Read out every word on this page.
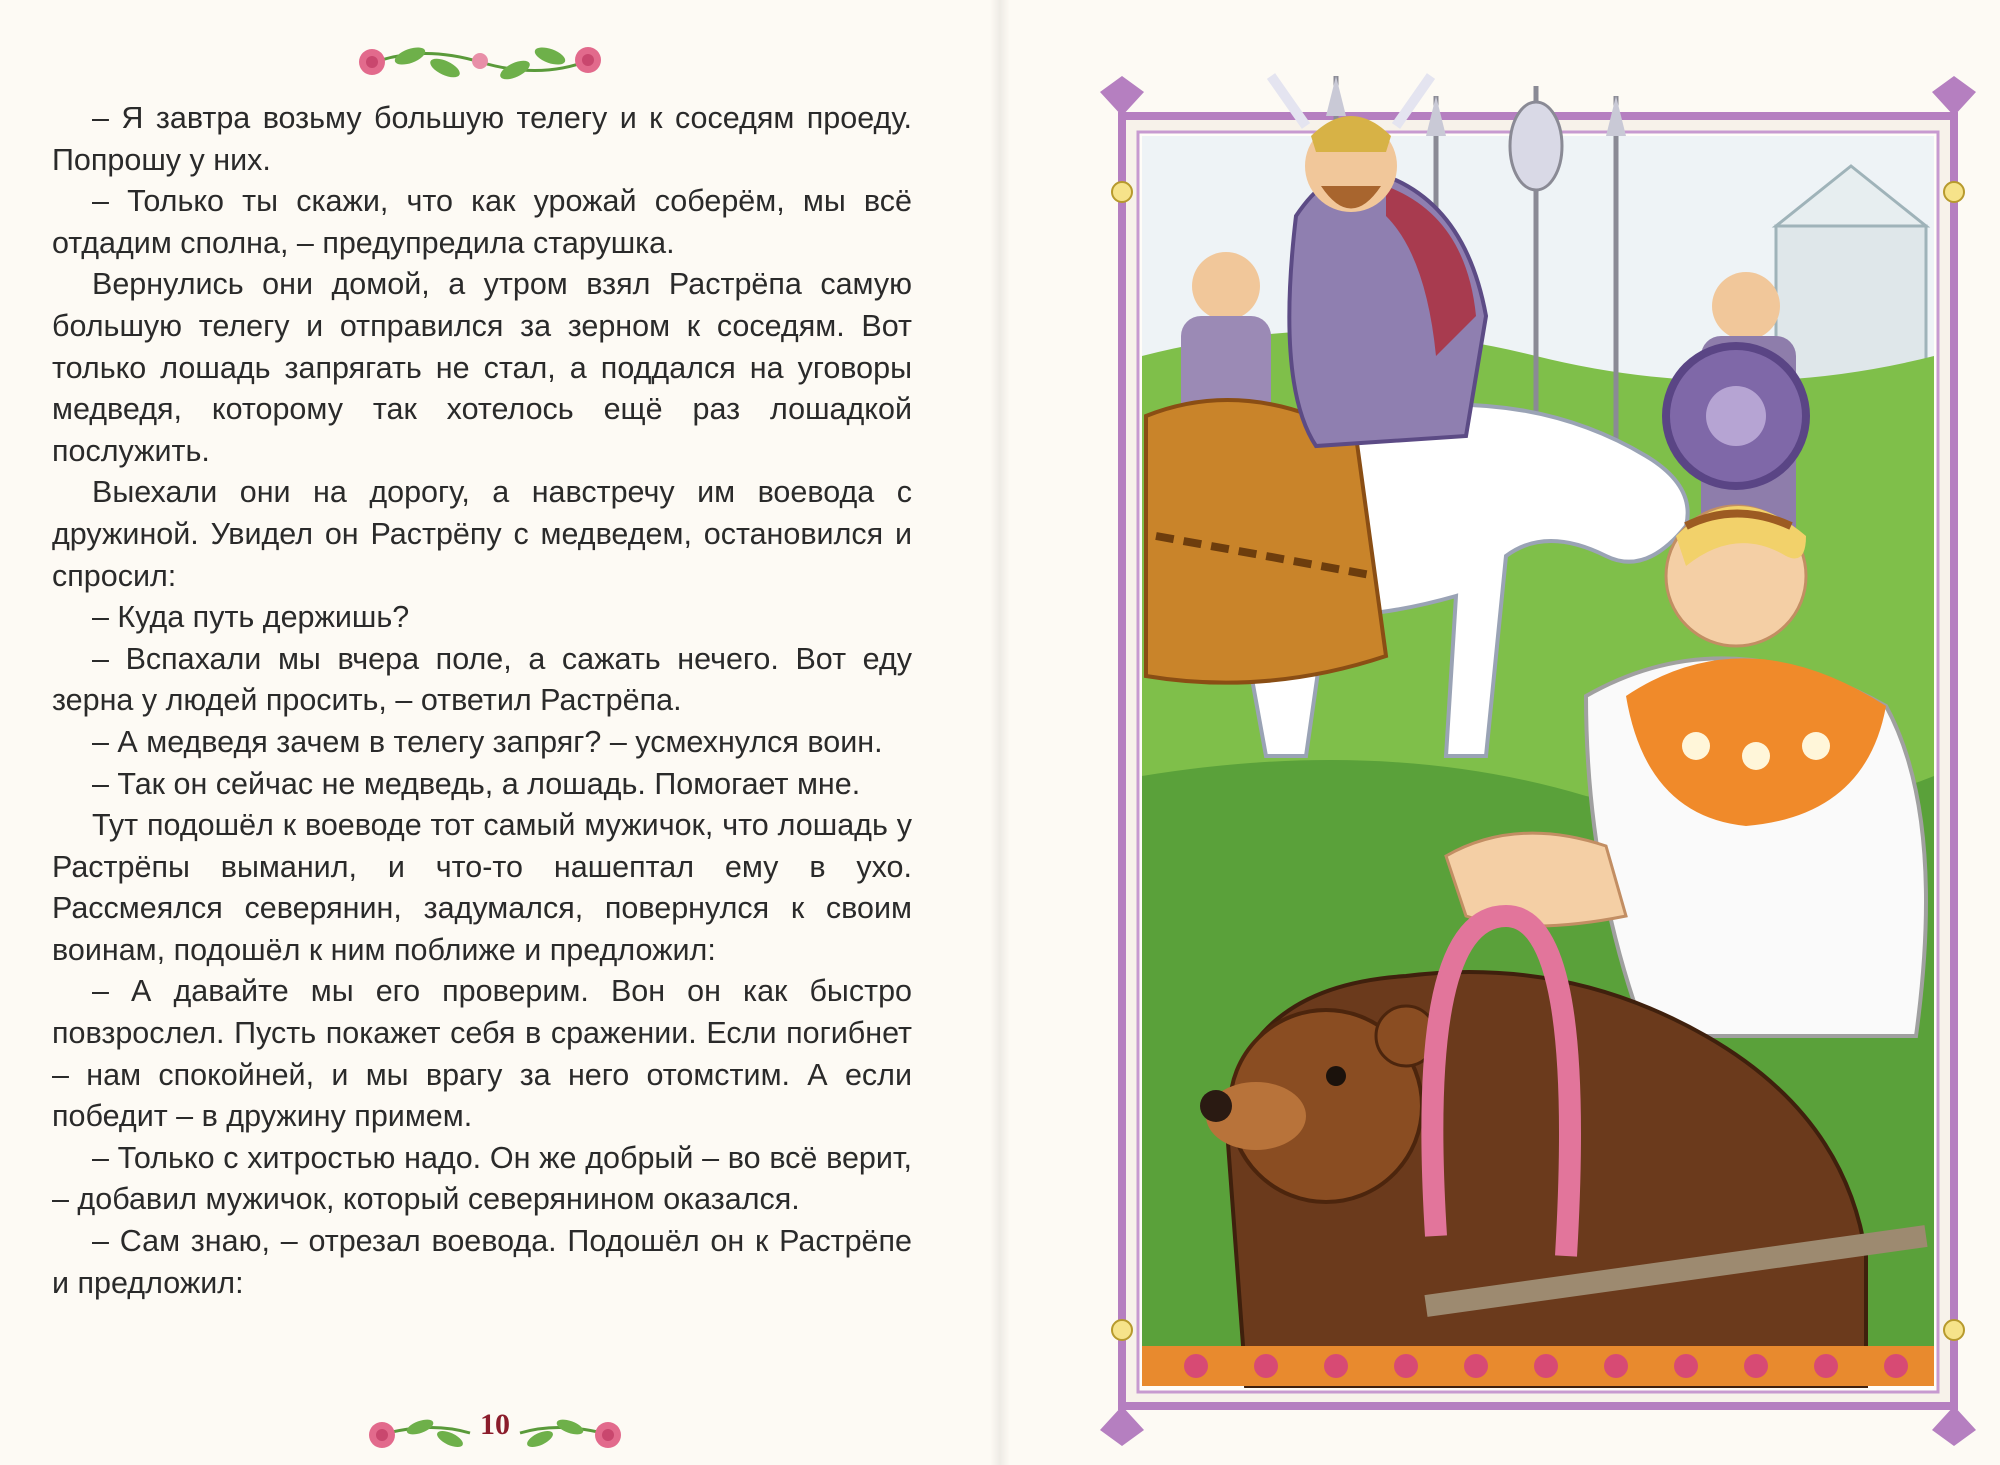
– Я завтра возьму большую телегу и к соседям проеду. Попрошу у них.

– Только ты скажи, что как урожай соберём, мы всё отдадим сполна, – предупредила старушка.

Вернулись они домой, а утром взял Растрёпа самую большую телегу и отправился за зерном к соседям. Вот только лошадь запрягать не стал, а поддался на уговоры медведя, которому так хотелось ещё раз лошадкой послужить.

Выехали они на дорогу, а навстречу им воевода с дружиной. Увидел он Растрёпу с медведем, остановился и спросил:

– Куда путь держишь?

– Вспахали мы вчера поле, а сажать нечего. Вот еду зерна у людей просить, – ответил Растрёпа.

– А медведя зачем в телегу запряг? – усмехнулся воин.

– Так он сейчас не медведь, а лошадь. Помогает мне.

Тут подошёл к воеводе тот самый мужичок, что лошадь у Растрёпы выманил, и что-то нашептал ему в ухо. Рассмеялся северянин, задумался, повернулся к своим воинам, подошёл к ним поближе и предложил:

– А давайте мы его проверим. Вон он как быстро повзрослел. Пусть покажет себя в сражении. Если погибнет – нам спокойней, и мы врагу за него отомстим. А если победит – в дружину примем.

– Только с хитростью надо. Он же добрый – во всё верит, – добавил мужичок, который северянином оказался.

– Сам знаю, – отрезал воевода. Подошёл он к Растрёпе и предложил:

10
